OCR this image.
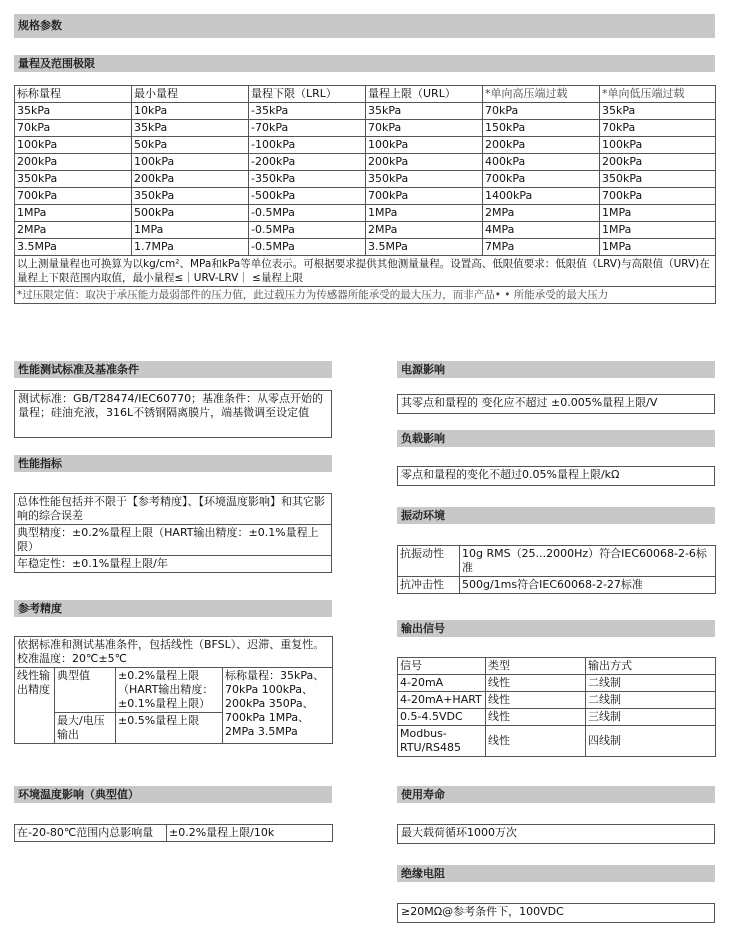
规格参数
量程及范围极限
标称量程	最小量程	量程下限（LRL）	量程上限（URL）	*单向高压端过载	*单向低压端过载
35kPa	10kPa	-35kPa	35kPa	70kPa	35kPa
70kPa	35kPa	-70kPa	70kPa	150kPa	70kPa
100kPa	50kPa	-100kPa	100kPa	200kPa	100kPa
200kPa	100kPa	-200kPa	200kPa	400kPa	200kPa
350kPa	200kPa	-350kPa	350kPa	700kPa	350kPa
700kPa	350kPa	-500kPa	700kPa	1400kPa	700kPa
1MPa	500kPa	-0.5MPa	1MPa	2MPa	1MPa
2MPa	1MPa	-0.5MPa	2MPa	4MPa	1MPa
3.5MPa	1.7MPa	-0.5MPa	3.5MPa	7MPa	1MPa
以上测量量程也可换算为以kg/cm²、MPa和kPa等单位表示。可根据要求提供其他测量量程。设置高、低限值要求：低限值（LRV)与高限值（URV)在量程上下限范围内取值，最小量程≤｜URV-LRV｜ ≤量程上限					
*过压限定值：取决于承压能力最弱部件的压力值，此过载压力为传感器所能承受的最大压力，而非产品• • 所能承受的最大压力					
性能测试标准及基准条件
测试标准：GB/T28474/IEC60770；基准条件：从零点开始的量程；硅油充液，316L不锈钢隔离膜片，端基微调至设定值
性能指标
总体性能包括并不限于【参考精度】、【环境温度影响】和其它影响的综合误差
典型精度：±0.2%量程上限（HART输出精度：±0.1%量程上限）
年稳定性：±0.1%量程上限/年
参考精度
依据标准和测试基准条件，包括线性（BFSL）、迟滞、重复性。校准温度：20℃±5℃			
线性输出精度	典型值	±0.2%量程上限（HART输出精度：±0.1%量程上限）	标称量程：35kPa、70kPa 100kPa、200kPa 350Pa、700kPa 1MPa、2MPa 3.5MPa
	最大/电压输出	±0.5%量程上限	
环境温度影响（典型值）
在-20-80℃范围内总影响量	±0.2%量程上限/10k
电源影响
其零点和量程的 变化应不超过 ±0.005%量程上限/V
负载影响
零点和量程的变化不超过0.05%量程上限/kΩ
振动环境
抗振动性	10g RMS（25...2000Hz）符合IEC60068-2-6标准
抗冲击性	500g/1ms符合IEC60068-2-27标准
输出信号
信号	类型	输出方式
4-20mA	线性	二线制
4-20mA+HART	线性	二线制
0.5-4.5VDC	线性	三线制
Modbus-RTU/RS485	线性	四线制
使用寿命
最大载荷循环1000万次
绝缘电阻
≥20MΩ@参考条件下，100VDC
